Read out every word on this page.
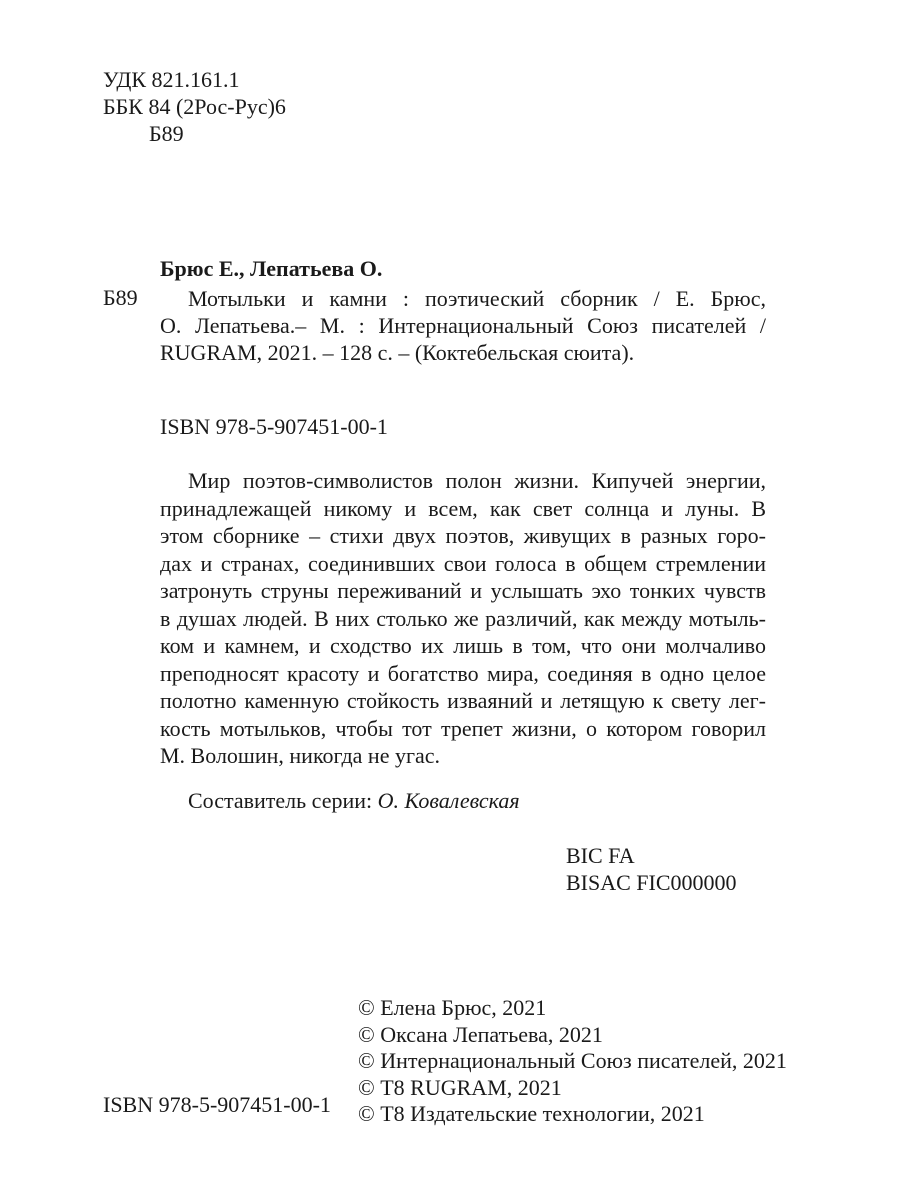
УДК 821.161.1
ББК 84 (2Рос-Рус)6
Б89
Брюс Е., Лепатьева О.
Б89	Мотыльки и камни : поэтический сборник / Е. Брюс,
О. Лепатьева.– М. : Интернациональный Союз писателей /
RUGRAM, 2021. – 128 с. – (Коктебельская сюита).
ISBN 978-5-907451-00-1
Мир поэтов-символистов полон жизни. Кипучей энергии,
принадлежащей никому и всем, как свет солнца и луны. В
этом сборнике – стихи двух поэтов, живущих в разных горо-
дах и странах, соединивших свои голоса в общем стремлении
затронуть струны переживаний и услышать эхо тонких чувств
в душах людей. В них столько же различий, как между мотыль-
ком и камнем, и сходство их лишь в том, что они молчаливо
преподносят красоту и богатство мира, соединяя в одно целое
полотно каменную стойкость изваяний и летящую к свету лег-
кость мотыльков, чтобы тот трепет жизни, о котором говорил
М. Волошин, никогда не угас.
Составитель серии: О. Ковалевская
BIC FA
BISAC FIC000000
© Елена Брюс, 2021
© Оксана Лепатьева, 2021
© Интернациональный Союз писателей, 2021
© Т8 RUGRAM, 2021
© Т8 Издательские технологии, 2021
ISBN 978-5-907451-00-1
